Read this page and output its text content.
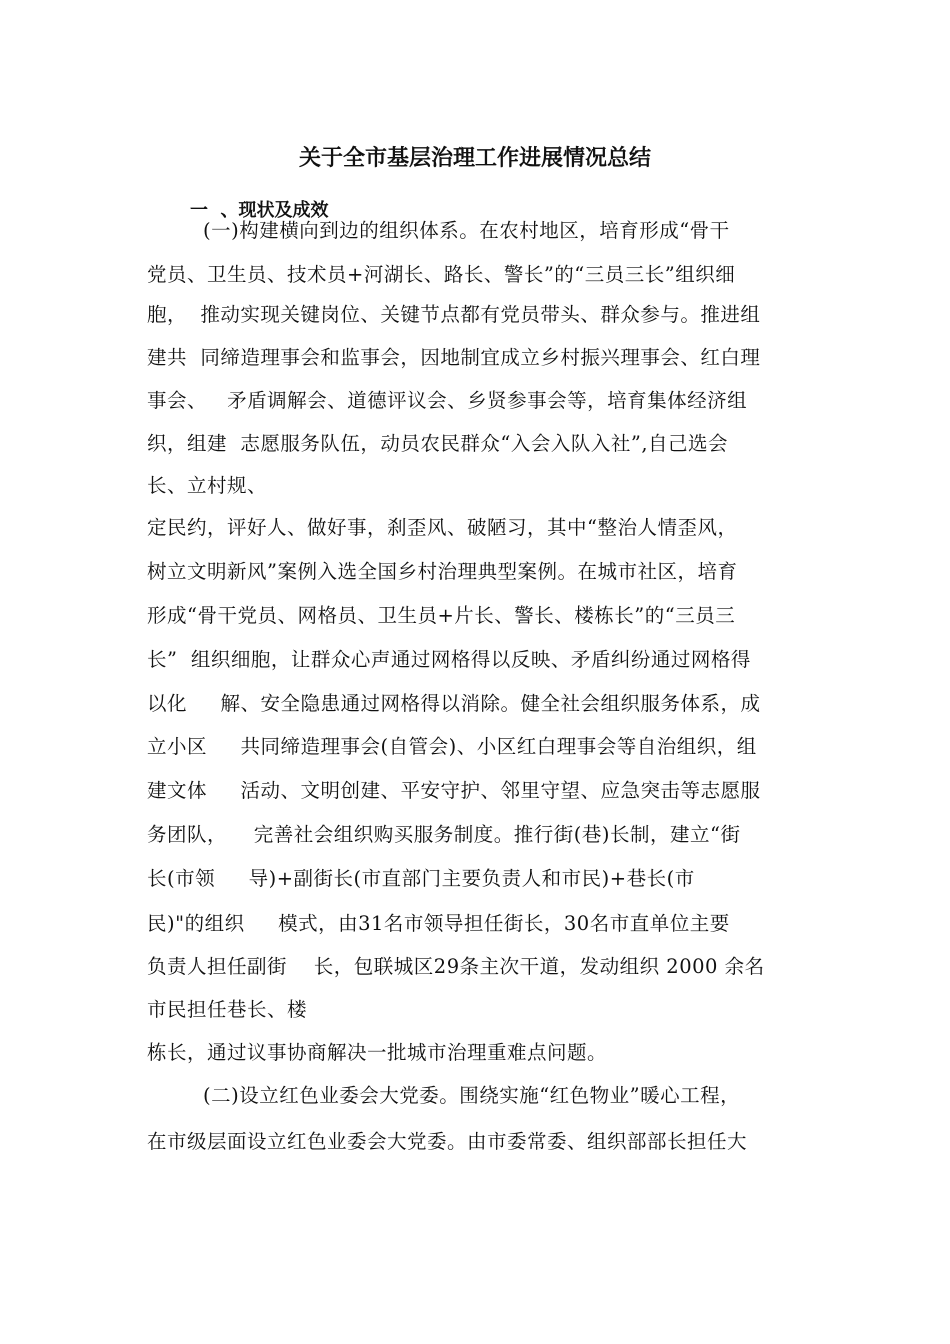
关于全市基层治理工作进展情况总结
一  、现状及成效
(一)构建横向到边的组织体系。在农村地区，培育形成“骨干
党员、卫生员、技术员+河湖长、路长、警长”的“三员三长”组织细
胞，  推动实现关键岗位、关键节点都有党员带头、群众参与。推进组
建共  同缔造理事会和监事会，因地制宜成立乡村振兴理事会、红白理
事会、   矛盾调解会、道德评议会、乡贤参事会等，培育集体经济组
织，组建  志愿服务队伍，动员农民群众“入会入队入社”,自己选会
长、立村规、
定民约，评好人、做好事，刹歪风、破陋习，其中“整治人情歪风，
树立文明新风”案例入选全国乡村治理典型案例。在城市社区，培育
形成“骨干党员、网格员、卫生员+片长、警长、楼栋长”的“三员三
长”  组织细胞，让群众心声通过网格得以反映、矛盾纠纷通过网格得
以化     解、安全隐患通过网格得以消除。健全社会组织服务体系，成
立小区     共同缔造理事会(自管会)、小区红白理事会等自治组织，组
建文体     活动、文明创建、平安守护、邻里守望、应急突击等志愿服
务团队，    完善社会组织购买服务制度。推行街(巷)长制，建立“街
长(市领     导)+副街长(市直部门主要负责人和市民)+巷长(市
民)"的组织     模式，由31名市领导担任街长，30名市直单位主要
负责人担任副街    长，包联城区29条主次干道，发动组织 2000 余名
市民担任巷长、楼
栋长，通过议事协商解决一批城市治理重难点问题。
(二)设立红色业委会大党委。围绕实施“红色物业”暖心工程，
在市级层面设立红色业委会大党委。由市委常委、组织部部长担任大
